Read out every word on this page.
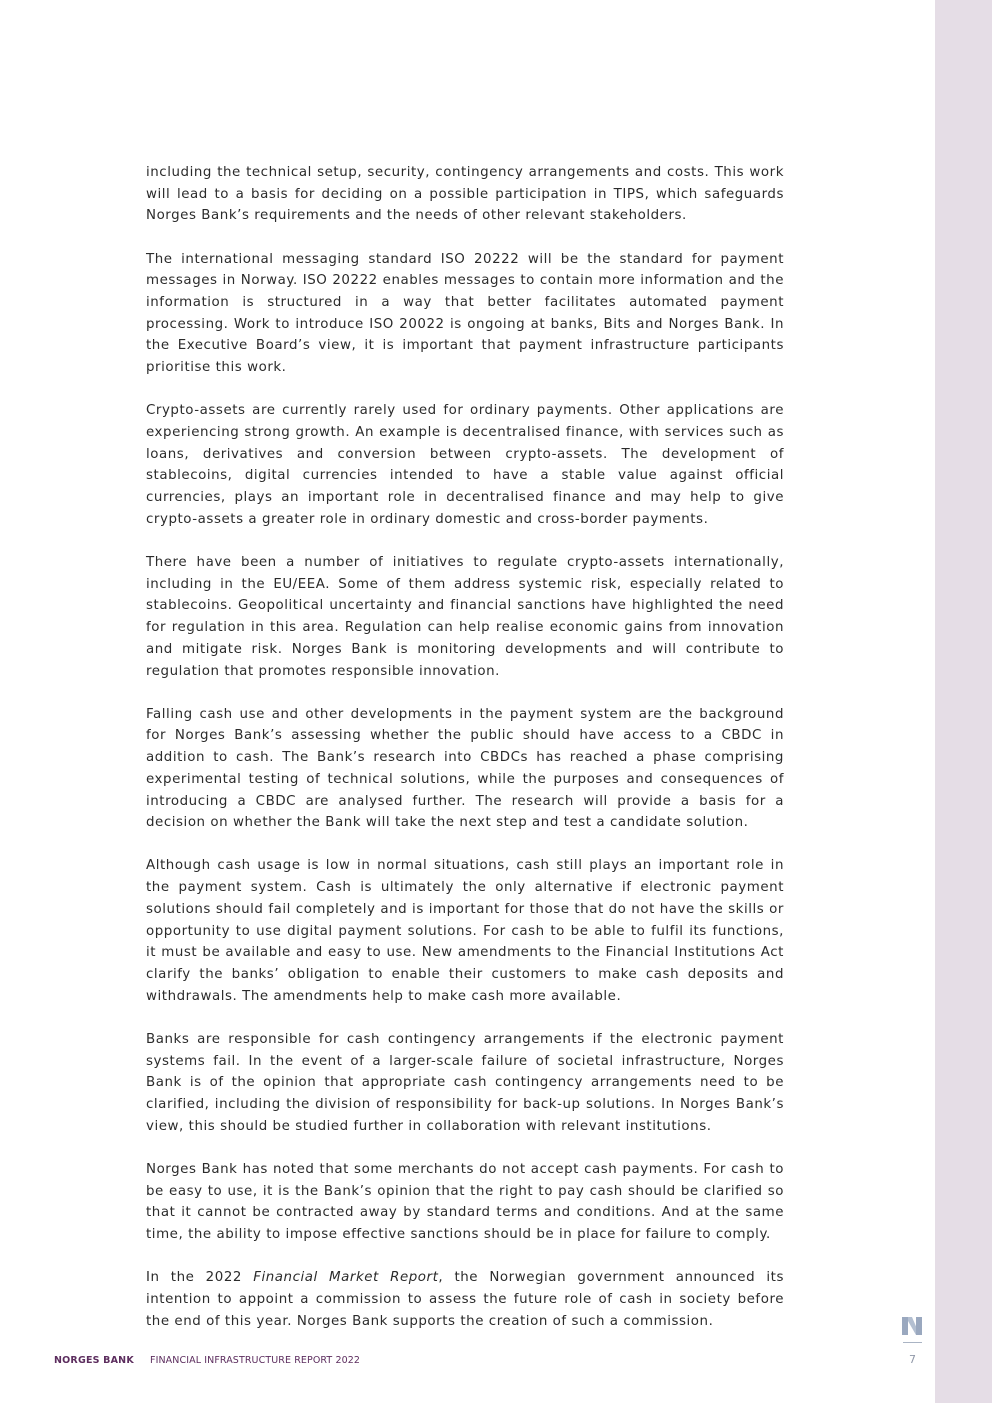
including the technical setup, security, contingency arrangements and costs. This work will lead to a basis for deciding on a possible participation in TIPS, which safeguards Norges Bank’s requirements and the needs of other relevant stakeholders.

The international messaging standard ISO 20222 will be the standard for payment messages in Norway. ISO 20222 enables messages to contain more information and the information is structured in a way that better facilitates automated payment processing. Work to introduce ISO 20022 is ongoing at banks, Bits and Norges Bank. In the Executive Board’s view, it is important that payment infrastructure participants prioritise this work.

Crypto-assets are currently rarely used for ordinary payments. Other applications are experiencing strong growth. An example is decentralised finance, with services such as loans, derivatives and conversion between crypto-assets. The development of stablecoins, digital currencies intended to have a stable value against official currencies, plays an important role in decentralised finance and may help to give crypto-assets a greater role in ordinary domestic and cross-border payments.

There have been a number of initiatives to regulate crypto-assets internationally, including in the EU/EEA. Some of them address systemic risk, especially related to stablecoins. Geopolitical uncertainty and financial sanctions have highlighted the need for regulation in this area. Regulation can help realise economic gains from innovation and mitigate risk. Norges Bank is monitoring developments and will contribute to regulation that promotes responsible innovation.

Falling cash use and other developments in the payment system are the background for Norges Bank’s assessing whether the public should have access to a CBDC in addition to cash. The Bank’s research into CBDCs has reached a phase comprising experimental testing of technical solutions, while the purposes and consequences of introducing a CBDC are analysed further. The research will provide a basis for a decision on whether the Bank will take the next step and test a candidate solution.

Although cash usage is low in normal situations, cash still plays an important role in the payment system. Cash is ultimately the only alternative if electronic payment solutions should fail completely and is important for those that do not have the skills or opportunity to use digital payment solutions. For cash to be able to fulfil its functions, it must be available and easy to use. New amendments to the Financial Institutions Act clarify the banks’ obligation to enable their customers to make cash deposits and withdrawals. The amendments help to make cash more available.

Banks are responsible for cash contingency arrangements if the electronic payment systems fail. In the event of a larger-scale failure of societal infrastructure, Norges Bank is of the opinion that appropriate cash contingency arrangements need to be clarified, including the division of responsibility for back-up solutions. In Norges Bank’s view, this should be studied further in collaboration with relevant institutions.

Norges Bank has noted that some merchants do not accept cash payments. For cash to be easy to use, it is the Bank’s opinion that the right to pay cash should be clarified so that it cannot be contracted away by standard terms and conditions. And at the same time, the ability to impose effective sanctions should be in place for failure to comply.

In the 2022 Financial Market Report, the Norwegian government announced its intention to appoint a commission to assess the future role of cash in society before the end of this year. Norges Bank supports the creation of such a commission.

NORGES BANK FINANCIAL INFRASTRUCTURE REPORT 2022	7
